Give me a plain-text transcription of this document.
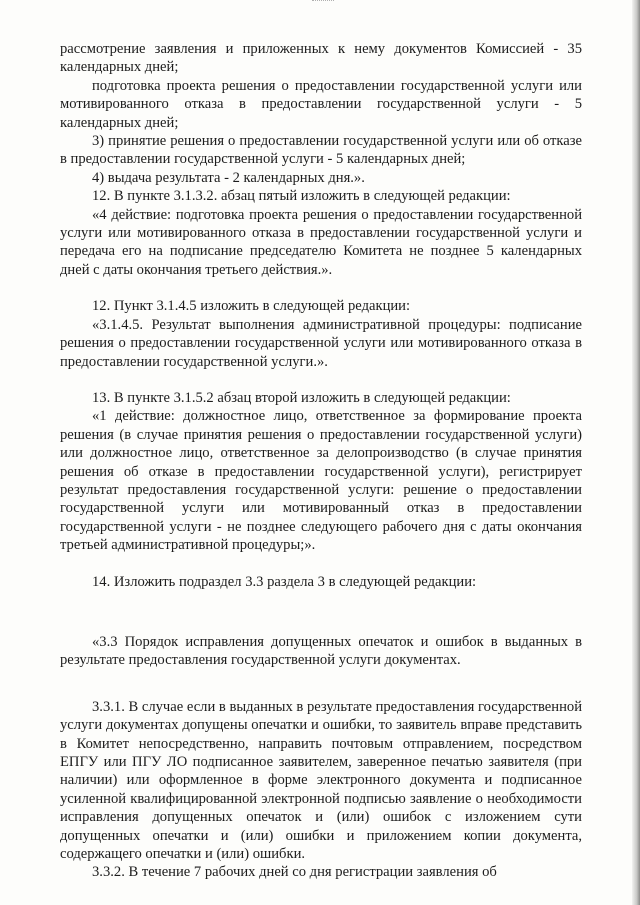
рассмотрение заявления и приложенных к нему документов Комиссией - 35 календарных дней;

подготовка проекта решения о предоставлении государственной услуги или мотивированного отказа в предоставлении государственной услуги - 5 календарных дней;

3) принятие решения о предоставлении государственной услуги или об отказе в предоставлении государственной услуги - 5 календарных дней;

4) выдача результата - 2 календарных дня.».

12. В пункте 3.1.3.2. абзац пятый изложить в следующей редакции:

«4 действие: подготовка проекта решения о предоставлении государственной услуги или мотивированного отказа в предоставлении государственной услуги и передача его на подписание председателю Комитета не позднее 5 календарных дней с даты окончания третьего действия.».

12. Пункт 3.1.4.5 изложить в следующей редакции:

«3.1.4.5. Результат выполнения административной процедуры: подписание решения о предоставлении государственной услуги или мотивированного отказа в предоставлении государственной услуги.».

13. В пункте 3.1.5.2 абзац второй изложить в следующей редакции:

«1 действие: должностное лицо, ответственное за формирование проекта решения (в случае принятия решения о предоставлении государственной услуги) или должностное лицо, ответственное за делопроизводство (в случае принятия решения об отказе в предоставлении государственной услуги), регистрирует результат предоставления государственной услуги: решение о предоставлении государственной услуги или мотивированный отказ в предоставлении государственной услуги - не позднее следующего рабочего дня с даты окончания третьей административной процедуры;».

14. Изложить подраздел 3.3 раздела 3 в следующей редакции:

«3.3 Порядок исправления допущенных опечаток и ошибок в выданных в результате предоставления государственной услуги документах.

3.3.1. В случае если в выданных в результате предоставления государственной услуги документах допущены опечатки и ошибки, то заявитель вправе представить в Комитет непосредственно, направить почтовым отправлением, посредством ЕПГУ или ПГУ ЛО подписанное заявителем, заверенное печатью заявителя (при наличии) или оформленное в форме электронного документа и подписанное усиленной квалифицированной электронной подписью заявление о необходимости исправления допущенных опечаток и (или) ошибок с изложением сути допущенных опечатки и (или) ошибки и приложением копии документа, содержащего опечатки и (или) ошибки.

3.3.2. В течение 7 рабочих дней со дня регистрации заявления об
